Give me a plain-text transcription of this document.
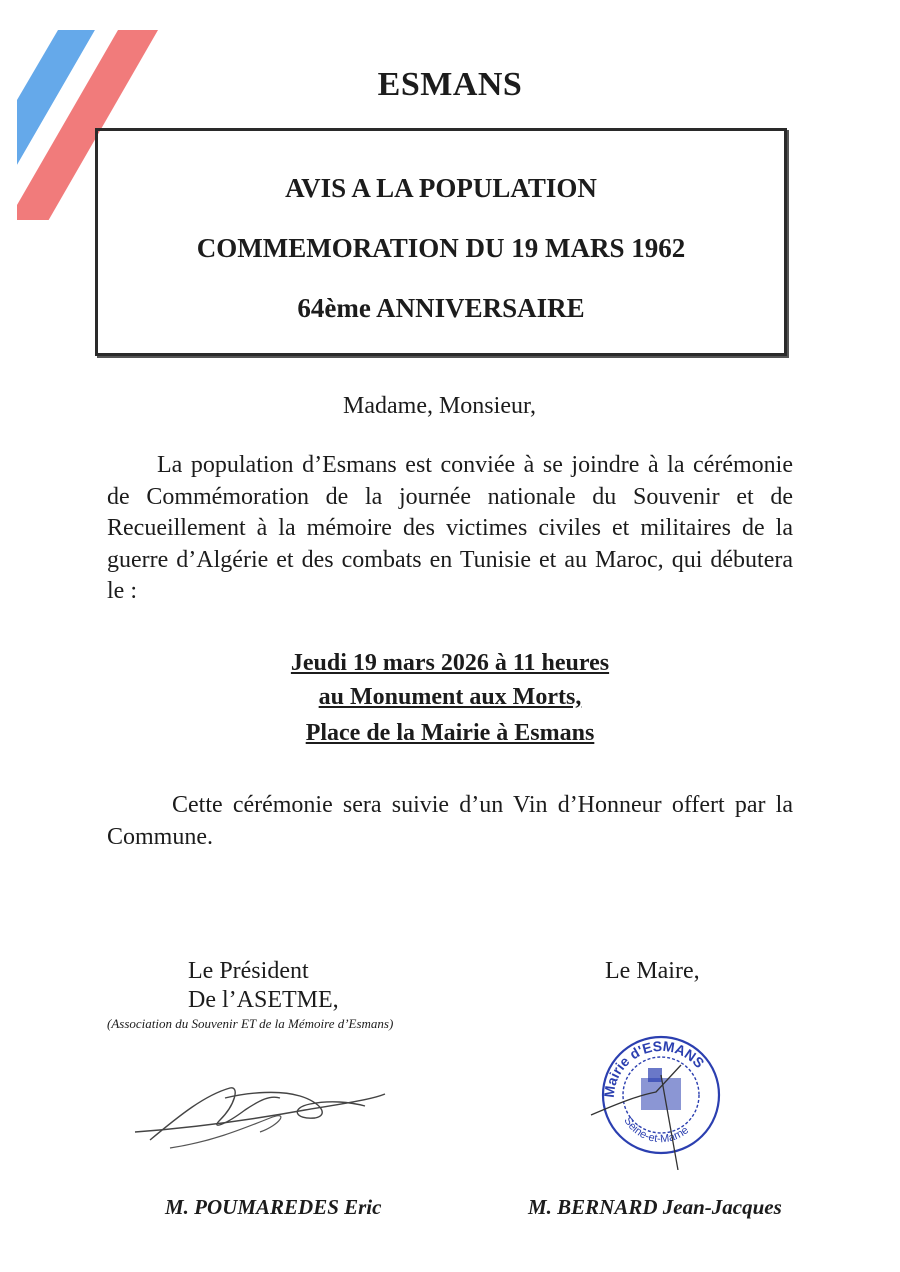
ESMANS
AVIS A LA POPULATION
COMMEMORATION DU 19 MARS 1962
64ème ANNIVERSAIRE
Madame, Monsieur,
La population d’Esmans est conviée à se joindre à la cérémonie de Commémoration de la journée nationale du Souvenir et de Recueillement à la mémoire des victimes civiles et militaires de la guerre d’Algérie et des combats en Tunisie et au Maroc, qui débutera le :
Jeudi 19 mars 2026 à 11 heures
au Monument aux Morts,
Place de la Mairie à Esmans
Cette cérémonie sera suivie d’un Vin d’Honneur offert par la Commune.
Le Président
De l’ASETME,
(Association du Souvenir ET de la Mémoire d’Esmans)
M. POUMAREDES Eric
Le Maire,
Mairie d'ESMANS
Seine-et-Marne
M. BERNARD Jean-Jacques
